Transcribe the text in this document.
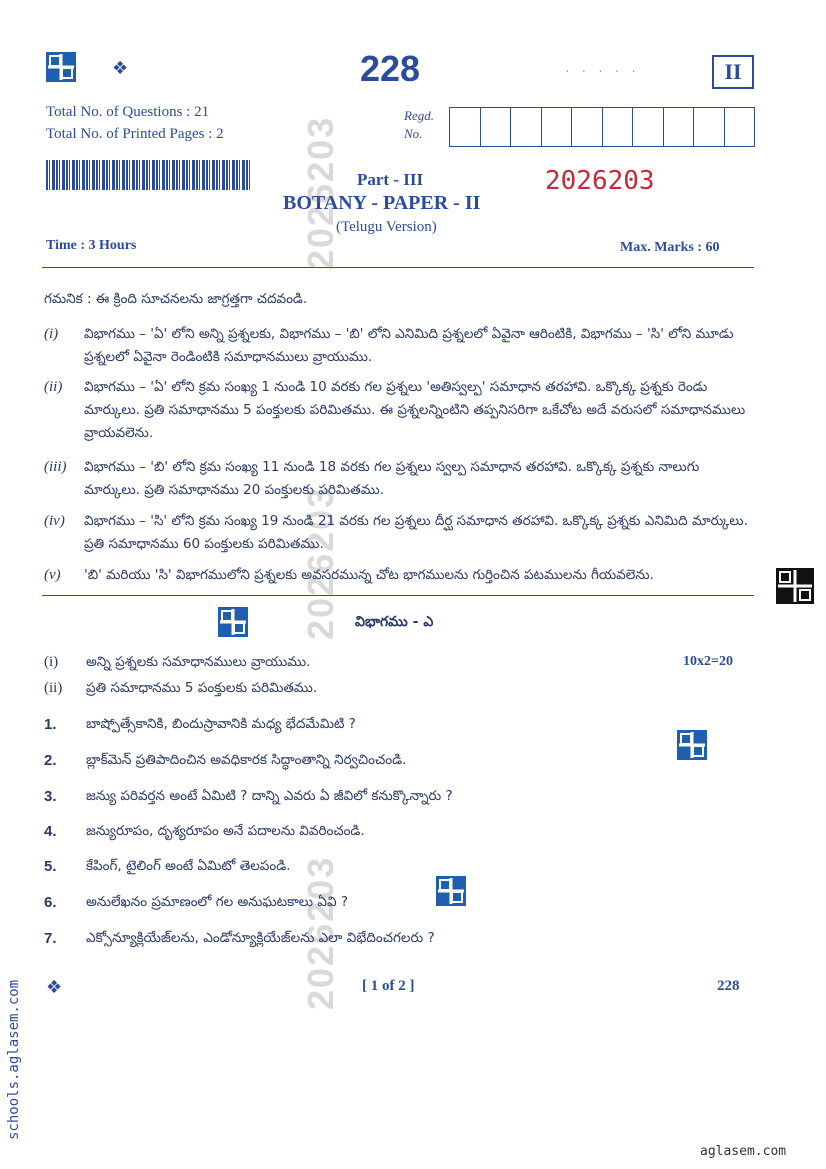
❖	228	· · · · ·	II
Total No. of Questions : 21
Total No. of Printed Pages : 2
Regd.
No.
Part - III	2026203
BOTANY - PAPER - II
(Telugu Version)
Time : 3 Hours	Max. Marks : 60
2026203
2026203
2026203
గమనిక : ఈ క్రింది సూచనలను జాగ్రత్తగా చదవండి.
(i) విభాగము – 'ఏ' లోని అన్ని ప్రశ్నలకు, విభాగము – 'బి' లోని ఎనిమిది ప్రశ్నలలో ఏవైనా ఆరింటికి, విభాగము – 'సి' లోని మూడు ప్రశ్నలలో ఏవైనా రెండింటికి సమాధానములు వ్రాయుము.
(ii) విభాగము – 'ఏ' లోని క్రమ సంఖ్య 1 నుండి 10 వరకు గల ప్రశ్నలు 'అతిస్వల్ప' సమాధాన తరహావి. ఒక్కొక్క ప్రశ్నకు రెండు మార్కులు. ప్రతి సమాధానము 5 పంక్తులకు పరిమితము. ఈ ప్రశ్నలన్నింటిని తప్పనిసరిగా ఒకేచోట అదే వరుసలో సమాధానములు వ్రాయవలెను.
(iii) విభాగము – 'బి' లోని క్రమ సంఖ్య 11 నుండి 18 వరకు గల ప్రశ్నలు స్వల్ప సమాధాన తరహావి. ఒక్కొక్క ప్రశ్నకు నాలుగు మార్కులు. ప్రతి సమాధానము 20 పంక్తులకు పరిమితము.
(iv) విభాగము – 'సి' లోని క్రమ సంఖ్య 19 నుండి 21 వరకు గల ప్రశ్నలు దీర్ఘ సమాధాన తరహావి. ఒక్కొక్క ప్రశ్నకు ఎనిమిది మార్కులు. ప్రతి సమాధానము 60 పంక్తులకు పరిమితము.
(v) 'బి' మరియు 'సి' విభాగములోని ప్రశ్నలకు అవసరమున్న చోట భాగములను గుర్తించిన పటములను గీయవలెను.
విభాగము - ఎ
(i) అన్ని ప్రశ్నలకు సమాధానములు వ్రాయుము.	10x2=20
(ii) ప్రతి సమాధానము 5 పంక్తులకు పరిమితము.
1. బాష్పోత్సేకానికి, బిందుస్రావానికి మధ్య భేదమేమిటి ?
2. బ్లాక్‌మెన్ ప్రతిపాదించిన అవధికారక సిద్ధాంతాన్ని నిర్వచించండి.
3. జన్యు పరివర్తన అంటే ఏమిటి ? దాన్ని ఎవరు ఏ జీవిలో కనుక్కొన్నారు ?
4. జన్యురూపం, దృశ్యరూపం అనే పదాలను వివరించండి.
5. కేపింగ్, టైలింగ్ అంటే ఏమిటో తెలపండి.
6. అనులేఖనం ప్రమాణంలో గల అనుఘటకాలు ఏవి ?
7. ఎక్సోన్యూక్లియేజ్‌లను, ఎండోన్యూక్లియేజ్‌లను ఎలా విభేదించగలరు ?
❖	[ 1 of 2 ]	228
schools.aglasem.com
aglasem.com
